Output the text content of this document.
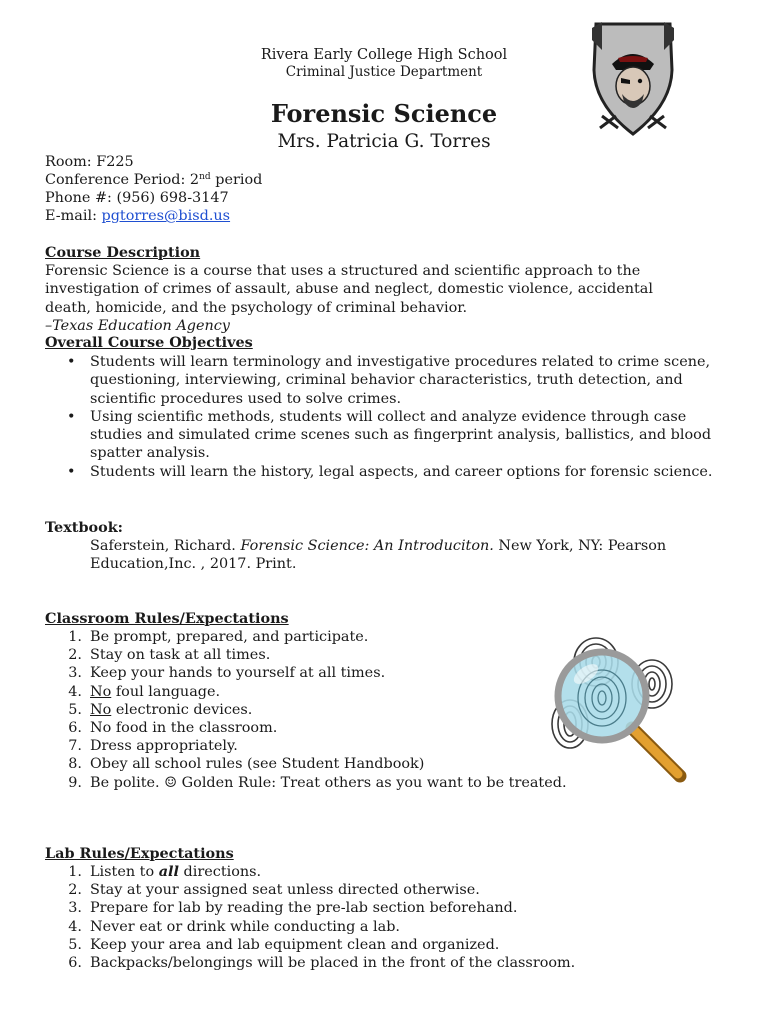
Rivera Early College High School
Criminal Justice Department
Forensic Science
Mrs. Patricia G. Torres
Room: F225
Conference Period: 2nd period
Phone #: (956) 698-3147
E-mail: pgtorres@bisd.us
Course Description
Forensic Science is a course that uses a structured and scientific approach to the investigation of crimes of assault, abuse and neglect, domestic violence, accidental death, homicide, and the psychology of criminal behavior.
–Texas Education Agency
Overall Course Objectives
• Students will learn terminology and investigative procedures related to crime scene, questioning, interviewing, criminal behavior characteristics, truth detection, and scientific procedures used to solve crimes.
• Using scientific methods, students will collect and analyze evidence through case studies and simulated crime scenes such as fingerprint analysis, ballistics, and blood spatter analysis.
• Students will learn the history, legal aspects, and career options for forensic science.
Textbook:
Saferstein, Richard. Forensic Science: An Introduciton. New York, NY: Pearson
Education,Inc. , 2017. Print.
Classroom Rules/Expectations
1. Be prompt, prepared, and participate.
2. Stay on task at all times.
3. Keep your hands to yourself at all times.
4. No foul language.
5. No electronic devices.
6. No food in the classroom.
7. Dress appropriately.
8. Obey all school rules (see Student Handbook)
9. Be polite. ☺ Golden Rule: Treat others as you want to be treated.
Lab Rules/Expectations
1. Listen to all directions.
2. Stay at your assigned seat unless directed otherwise.
3. Prepare for lab by reading the pre-lab section beforehand.
4. Never eat or drink while conducting a lab.
5. Keep your area and lab equipment clean and organized.
6. Backpacks/belongings will be placed in the front of the classroom.
